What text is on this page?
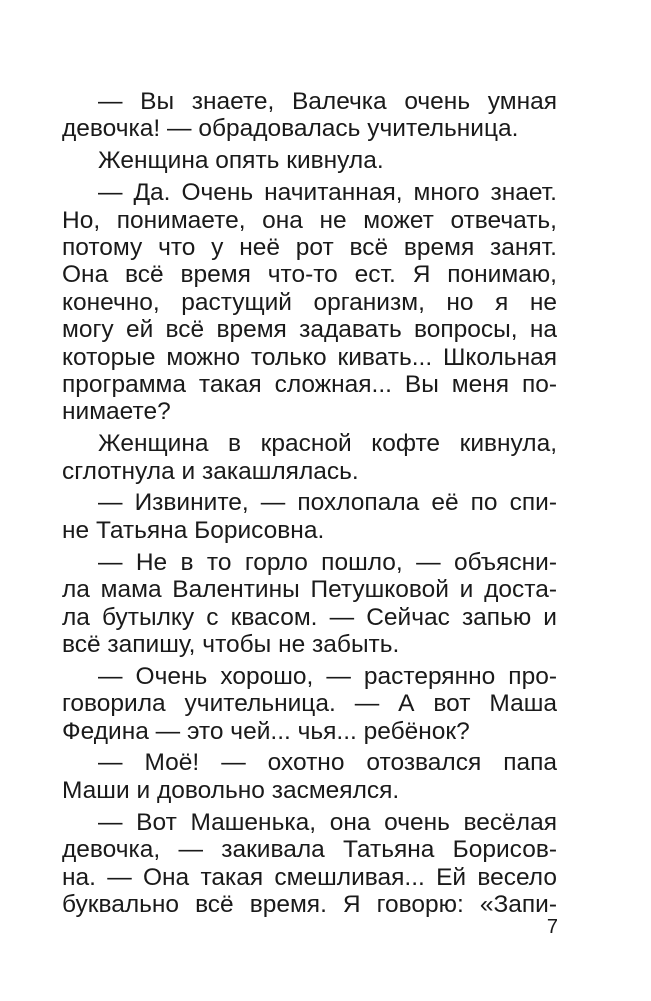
— Вы знаете, Валечка очень умная
девочка! — обрадовалась учительница.
Женщина опять кивнула.
— Да. Очень начитанная, много знает.
Но, понимаете, она не может отвечать,
потому что у неё рот всё время занят.
Она всё время что-то ест. Я понимаю,
конечно, растущий организм, но я не
могу ей всё время задавать вопросы, на
которые можно только кивать... Школьная
программа такая сложная... Вы меня по-
нимаете?
Женщина в красной кофте кивнула,
сглотнула и закашлялась.
— Извините, — похлопала её по спи-
не Татьяна Борисовна.
— Не в то горло пошло, — объясни-
ла мама Валентины Петушковой и доста-
ла бутылку с квасом. — Сейчас запью и
всё запишу, чтобы не забыть.
— Очень хорошо, — растерянно про-
говорила учительница. — А вот Маша
Федина — это чей... чья... ребёнок?
— Моё! — охотно отозвался папа
Маши и довольно засмеялся.
— Вот Машенька, она очень весёлая
девочка, — закивала Татьяна Борисов-
на. — Она такая смешливая... Ей весело
буквально всё время. Я говорю: «Запи-
7
